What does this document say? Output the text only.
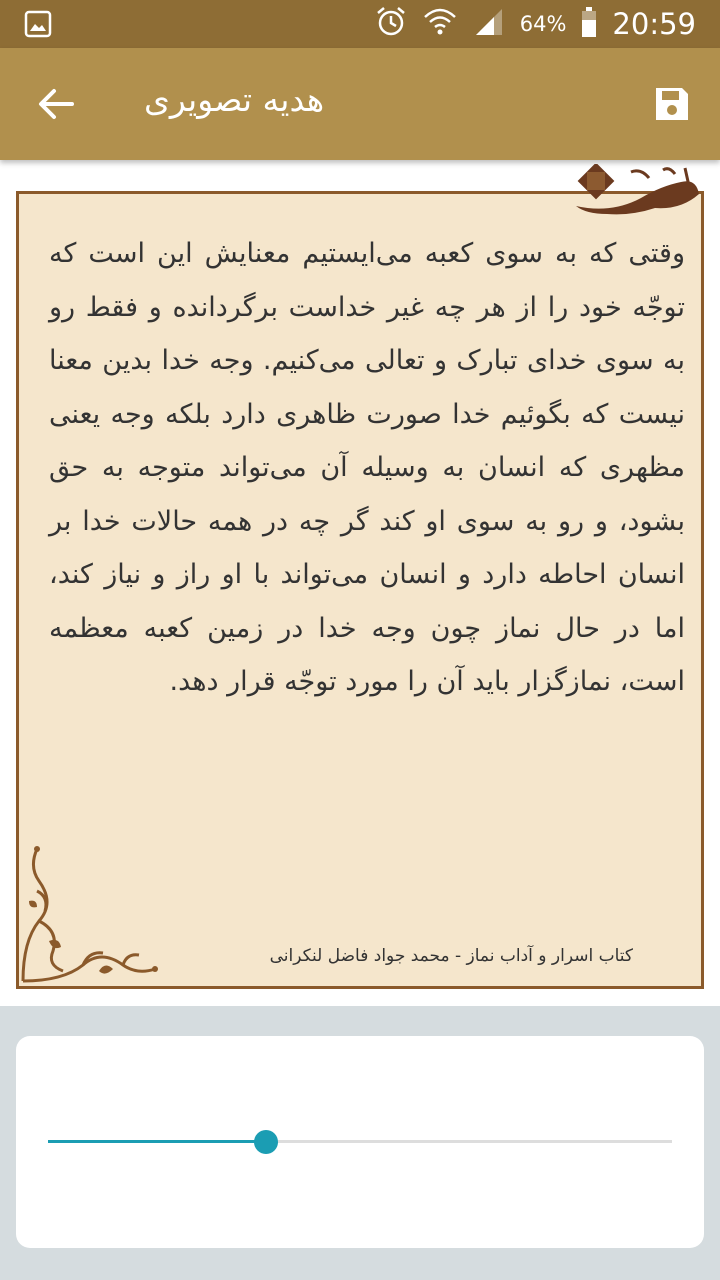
64% 20:59
هدیه تصویری
وقتی که به سوی کعبه می‌ایستیم معنایش این است که توجّه خود را از هر چه غیر خداست برگردانده و فقط رو به سوی خدای تبارک و تعالی می‌کنیم. وجه خدا بدین معنا نیست که بگوئیم خدا صورت ظاهری دارد بلکه وجه یعنی مظهری که انسان به وسیله آن می‌تواند متوجه به حق بشود، و رو به سوی او کند گر چه در همه حالات خدا بر انسان احاطه دارد و انسان می‌تواند با او راز و نیاز کند، اما در حال نماز چون وجه خدا در زمین کعبه معظمه است، نمازگزار باید آن را مورد توجّه قرار دهد.
کتاب اسرار و آداب نماز - محمد جواد فاضل لنکرانی
